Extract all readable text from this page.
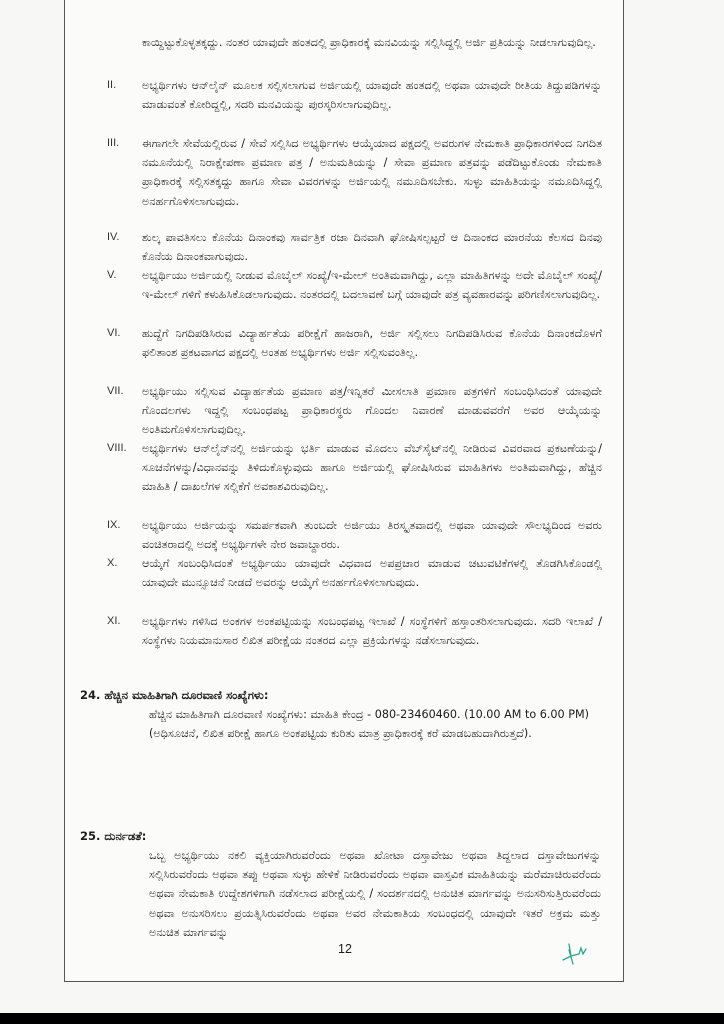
ಕಾಯ್ದಿಟ್ಟುಕೊಳ್ಳತಕ್ಕದ್ದು. ನಂತರ ಯಾವುದೇ ಹಂತದಲ್ಲಿ ಪ್ರಾಧಿಕಾರಕ್ಕೆ ಮನವಿಯನ್ನು ಸಲ್ಲಿಸಿದ್ದಲ್ಲಿ ಅರ್ಜಿ ಪ್ರತಿಯನ್ನು ನೀಡಲಾಗುವುದಿಲ್ಲ.
II. ಅಭ್ಯರ್ಥಿಗಳು ಆನ್‌ಲೈನ್ ಮೂಲಕ ಸಲ್ಲಿಸಲಾಗುವ ಅರ್ಜಿಯಲ್ಲಿ ಯಾವುದೇ ಹಂತದಲ್ಲಿ ಅಥವಾ ಯಾವುದೇ ರೀತಿಯ ತಿದ್ದುಪಡಿಗಳನ್ನು ಮಾಡುವಂತೆ ಕೋರಿದ್ದಲ್ಲಿ, ಸದರಿ ಮನವಿಯನ್ನು ಪುರಸ್ಕರಿಸಲಾಗುವುದಿಲ್ಲ.
III. ಈಗಾಗಲೇ ಸೇವೆಯಲ್ಲಿರುವ / ಸೇವೆ ಸಲ್ಲಿಸಿದ ಅಭ್ಯರ್ಥಿಗಳು ಆಯ್ಕೆಯಾದ ಪಕ್ಷದಲ್ಲಿ ಅವರುಗಳ ನೇಮಕಾತಿ ಪ್ರಾಧಿಕಾರಗಳಿಂದ ನಿಗದಿತ ನಮೂನೆಯಲ್ಲಿ ನಿರಾಕ್ಷೇಪಣಾ ಪ್ರಮಾಣ ಪತ್ರ / ಅನುಮತಿಯನ್ನು / ಸೇವಾ ಪ್ರಮಾಣ ಪತ್ರವನ್ನು ಪಡೆದಿಟ್ಟುಕೊಂಡು ನೇಮಕಾತಿ ಪ್ರಾಧಿಕಾರಕ್ಕೆ ಸಲ್ಲಿಸತಕ್ಕದ್ದು ಹಾಗೂ ಸೇವಾ ವಿವರಗಳನ್ನು ಅರ್ಜಿಯಲ್ಲಿ ನಮೂದಿಸಬೇಕು. ಸುಳ್ಳು ಮಾಹಿತಿಯನ್ನು ನಮೂದಿಸಿದ್ದಲ್ಲಿ ಅನರ್ಹಗೊಳಿಸಲಾಗುವುದು.
IV. ಶುಲ್ಕ ಪಾವತಿಸಲು ಕೊನೆಯ ದಿನಾಂಕವು ಸಾರ್ವತ್ರಿಕ ರಜಾ ದಿನವಾಗಿ ಘೋಷಿಸಲ್ಪಟ್ಟರೆ ಆ ದಿನಾಂಕದ ಮಾರನೆಯ ಕೆಲಸದ ದಿನವು ಕೊನೆಯ ದಿನಾಂಕವಾಗುವುದು.
V. ಅಭ್ಯರ್ಥಿಯು ಅರ್ಜಿಯಲ್ಲಿ ನೀಡುವ ಮೊಬೈಲ್ ಸಂಖ್ಯೆ/ಇ-ಮೇಲ್ ಅಂತಿಮವಾಗಿದ್ದು, ಎಲ್ಲಾ ಮಾಹಿತಿಗಳನ್ನು ಅದೇ ಮೊಬೈಲ್ ಸಂಖ್ಯೆ/ಇ-ಮೇಲ್ ಗಳಿಗೆ ಕಳುಹಿಸಿಕೊಡಲಾಗುವುದು. ನಂತರದಲ್ಲಿ ಬದಲಾವಣೆ ಬಗ್ಗೆ ಯಾವುದೇ ಪತ್ರ ವ್ಯವಹಾರವನ್ನು ಪರಿಗಣಿಸಲಾಗುವುದಿಲ್ಲ.
VI. ಹುದ್ದೆಗೆ ನಿಗದಿಪಡಿಸಿರುವ ವಿದ್ಯಾರ್ಹತೆಯ ಪರೀಕ್ಷೆಗೆ ಹಾಜರಾಗಿ, ಅರ್ಜಿ ಸಲ್ಲಿಸಲು ನಿಗದಿಪಡಿಸಿರುವ ಕೊನೆಯ ದಿನಾಂಕದೊಳಗೆ ಫಲಿತಾಂಶ ಪ್ರಕಟವಾಗದ ಪಕ್ಷದಲ್ಲಿ ಅಂತಹ ಅಭ್ಯರ್ಥಿಗಳು ಅರ್ಜಿ ಸಲ್ಲಿಸುವಂತಿಲ್ಲ.
VII. ಅಭ್ಯರ್ಥಿಯು ಸಲ್ಲಿಸುವ ವಿದ್ಯಾರ್ಹತೆಯ ಪ್ರಮಾಣ ಪತ್ರ/ಇನ್ನಿತರೆ ಮೀಸಲಾತಿ ಪ್ರಮಾಣ ಪತ್ರಗಳಿಗೆ ಸಂಬಂಧಿಸಿದಂತೆ ಯಾವುದೇ ಗೊಂದಲಗಳು ಇದ್ದಲ್ಲಿ ಸಂಬಂಧಪಟ್ಟ ಪ್ರಾಧಿಕಾರಸ್ಥರು ಗೊಂದಲ ನಿವಾರಣೆ ಮಾಡುವವರೆಗೆ ಅವರ ಆಯ್ಕೆಯನ್ನು ಅಂತಿಮಗೊಳಿಸಲಾಗುವುದಿಲ್ಲ.
VIII. ಅಭ್ಯರ್ಥಿಗಳು ಆನ್‌ಲೈನ್‌ನಲ್ಲಿ ಅರ್ಜಿಯನ್ನು ಭರ್ತಿ ಮಾಡುವ ಮೊದಲು ವೆಬ್‌ಸೈಟ್‌ನಲ್ಲಿ ನೀಡಿರುವ ವಿವರವಾದ ಪ್ರಕಟಣೆಯನ್ನು/ಸೂಚನೆಗಳನ್ನು/ವಿಧಾನವನ್ನು ತಿಳಿದುಕೊಳ್ಳುವುದು ಹಾಗೂ ಅರ್ಜಿಯಲ್ಲಿ ಘೋಷಿಸಿರುವ ಮಾಹಿತಿಗಳು ಅಂತಿಮವಾಗಿದ್ದು, ಹೆಚ್ಚಿನ ಮಾಹಿತಿ / ದಾಖಲೆಗಳ ಸಲ್ಲಿಕೆಗೆ ಅವಕಾಶವಿರುವುದಿಲ್ಲ.
IX. ಅಭ್ಯರ್ಥಿಯು ಅರ್ಜಿಯನ್ನು ಸಮರ್ಪಕವಾಗಿ ತುಂಬದೇ ಅರ್ಜಿಯು ತಿರಸ್ಕೃತವಾದಲ್ಲಿ ಅಥವಾ ಯಾವುದೇ ಸೌಲಭ್ಯದಿಂದ ಅವರು ವಂಚಿತರಾದಲ್ಲಿ ಅದಕ್ಕೆ ಅಭ್ಯರ್ಥಿಗಳೇ ನೇರ ಜವಾಬ್ದಾರರು.
X. ಆಯ್ಕೆಗೆ ಸಂಬಂಧಿಸಿದಂತೆ ಅಭ್ಯರ್ಥಿಯು ಯಾವುದೇ ವಿಧವಾದ ಅಪಪ್ರಚಾರ ಮಾಡುವ ಚಟುವಟಿಕೆಗಳಲ್ಲಿ ತೊಡಗಿಸಿಕೊಂಡಲ್ಲಿ ಯಾವುದೇ ಮುನ್ಸೂಚನೆ ನೀಡದೆ ಅವರನ್ನು ಆಯ್ಕೆಗೆ ಅನರ್ಹಗೊಳಿಸಲಾಗುವುದು.
XI. ಅಭ್ಯರ್ಥಿಗಳು ಗಳಿಸಿದ ಅಂಕಗಳ ಅಂಕಪಟ್ಟಿಯನ್ನು ಸಂಬಂಧಪಟ್ಟ ಇಲಾಖೆ / ಸಂಸ್ಥೆಗಳಿಗೆ ಹಸ್ತಾಂತರಿಸಲಾಗುವುದು. ಸದರಿ ಇಲಾಖೆ / ಸಂಸ್ಥೆಗಳು ನಿಯಮಾನುಸಾರ ಲಿಖಿತ ಪರೀಕ್ಷೆಯ ನಂತರದ ಎಲ್ಲಾ ಪ್ರಕ್ರಿಯೆಗಳನ್ನು ನಡೆಸಲಾಗುವುದು.
24. ಹೆಚ್ಚಿನ ಮಾಹಿತಿಗಾಗಿ ದೂರವಾಣಿ ಸಂಖ್ಯೆಗಳು:

ಹೆಚ್ಚಿನ ಮಾಹಿತಿಗಾಗಿ ದೂರವಾಣಿ ಸಂಖ್ಯೆಗಳು: ಮಾಹಿತಿ ಕೇಂದ್ರ - 080-23460460. (10.00 AM to 6.00 PM)

(ಅಧಿಸೂಚನೆ, ಲಿಖಿತ ಪರೀಕ್ಷೆ ಹಾಗೂ ಅಂಕಪಟ್ಟಿಯ ಕುರಿತು ಮಾತ್ರ ಪ್ರಾಧಿಕಾರಕ್ಕೆ ಕರೆ ಮಾಡಬಹುದಾಗಿರುತ್ತದೆ).

25. ದುರ್ನಡತೆ:
ಒಬ್ಬ ಅಭ್ಯರ್ಥಿಯು ನಕಲಿ ವ್ಯಕ್ತಿಯಾಗಿರುವರೆಂದು ಅಥವಾ ಖೋಟಾ ದಸ್ತಾವೇಜು ಅಥವಾ ತಿದ್ದಲಾದ ದಸ್ತಾವೇಜುಗಳನ್ನು ಸಲ್ಲಿಸಿರುವರೆಂದು ಅಥವಾ ತಪ್ಪು ಅಥವಾ ಸುಳ್ಳು ಹೇಳಿಕೆ ನೀಡಿರುವರೆಂದು ಅಥವಾ ವಾಸ್ತವಿಕ ಮಾಹಿತಿಯನ್ನು ಮರೆಮಾಚಿರುವರೆಂದು ಅಥವಾ ನೇಮಕಾತಿ ಉದ್ದೇಶಗಳಿಗಾಗಿ ನಡೆಸಲಾದ ಪರೀಕ್ಷೆಯಲ್ಲಿ / ಸಂದರ್ಶನದಲ್ಲಿ ಅನುಚಿತ ಮಾರ್ಗವನ್ನು ಅನುಸರಿಸುತ್ತಿರುವರೆಂದು ಅಥವಾ ಅನುಸರಿಸಲು ಪ್ರಯತ್ನಿಸಿರುವರೆಂದು ಅಥವಾ ಅವರ ನೇಮಕಾತಿಯ ಸಂಬಂಧದಲ್ಲಿ ಯಾವುದೇ ಇತರೆ ಅಕ್ರಮ ಮತ್ತು ಅನುಚಿತ ಮಾರ್ಗವನ್ನು
12
